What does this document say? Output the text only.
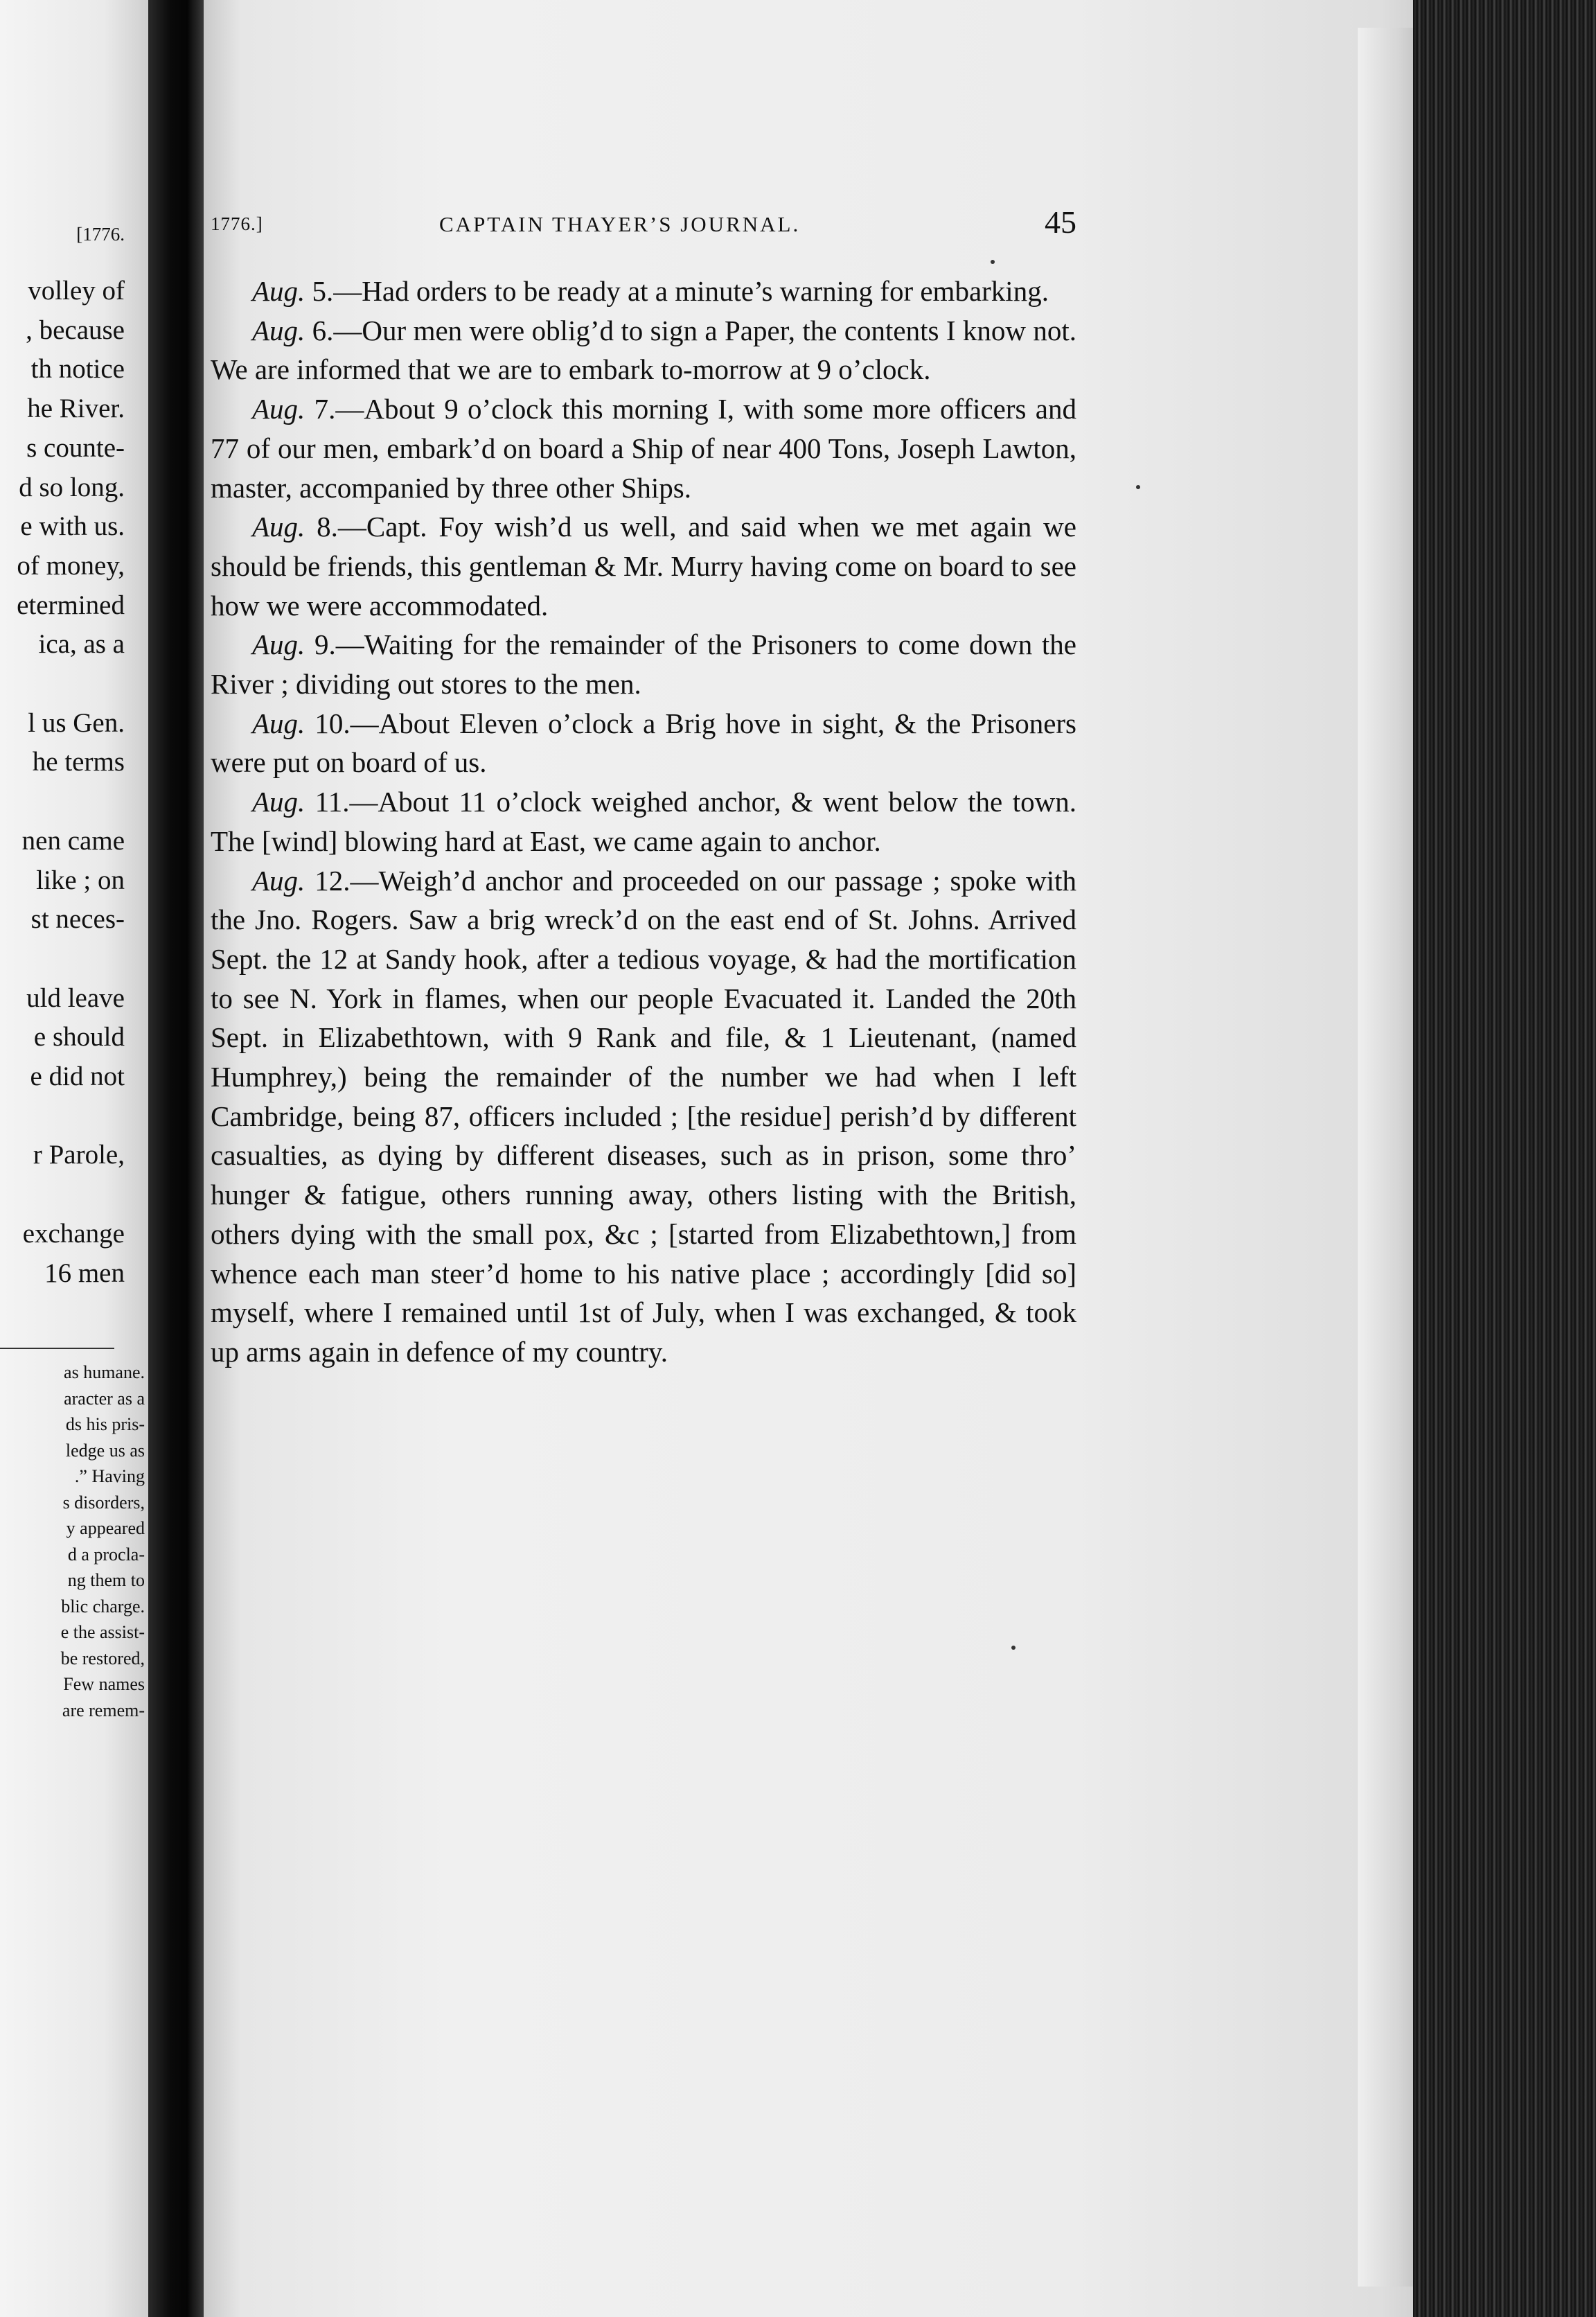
[1776.
volley of
, because
th notice
he River.
s counte-
d so long.
e with us.
of money,
etermined
ica, as a

l us Gen.
he terms

nen came
like ; on
st neces-

uld leave
e should
e did not

r Parole,

exchange
16 men
as humane.
aracter as a
ds his pris-
ledge us as
.” Having
s disorders,
y appeared
d a procla-
ng them to
blic charge.
e the assist-
be restored,
Few names
are remem-
1776.]	CAPTAIN THAYER’S JOURNAL.	45

Aug. 5.—Had orders to be ready at a minute’s warning for embarking.

Aug. 6.—Our men were oblig’d to sign a Paper, the contents I know not. We are informed that we are to embark to-morrow at 9 o’clock.

Aug. 7.—About 9 o’clock this morning I, with some more officers and 77 of our men, embark’d on board a Ship of near 400 Tons, Joseph Lawton, master, accompanied by three other Ships.

Aug. 8.—Capt. Foy wish’d us well, and said when we met again we should be friends, this gentleman & Mr. Murry having come on board to see how we were accommodated.

Aug. 9.—Waiting for the remainder of the Prisoners to come down the River ; dividing out stores to the men.

Aug. 10.—About Eleven o’clock a Brig hove in sight, & the Prisoners were put on board of us.

Aug. 11.—About 11 o’clock weighed anchor, & went below the town. The [wind] blowing hard at East, we came again to anchor.

Aug. 12.—Weigh’d anchor and proceeded on our passage ; spoke with the Jno. Rogers. Saw a brig wreck’d on the east end of St. Johns. Arrived Sept. the 12 at Sandy hook, after a tedious voyage, & had the mortification to see N. York in flames, when our people Evacuated it. Landed the 20th Sept. in Elizabethtown, with 9 Rank and file, & 1 Lieutenant, (named Humphrey,) being the remainder of the number we had when I left Cambridge, being 87, officers included ; [the residue] perish’d by different casualties, as dying by different diseases, such as in prison, some thro’ hunger & fatigue, others running away, others listing with the British, others dying with the small pox, &c ; [started from Elizabethtown,] from whence each man steer’d home to his native place ; accordingly [did so] myself, where I remained until 1st of July, when I was exchanged, & took up arms again in defence of my country.
